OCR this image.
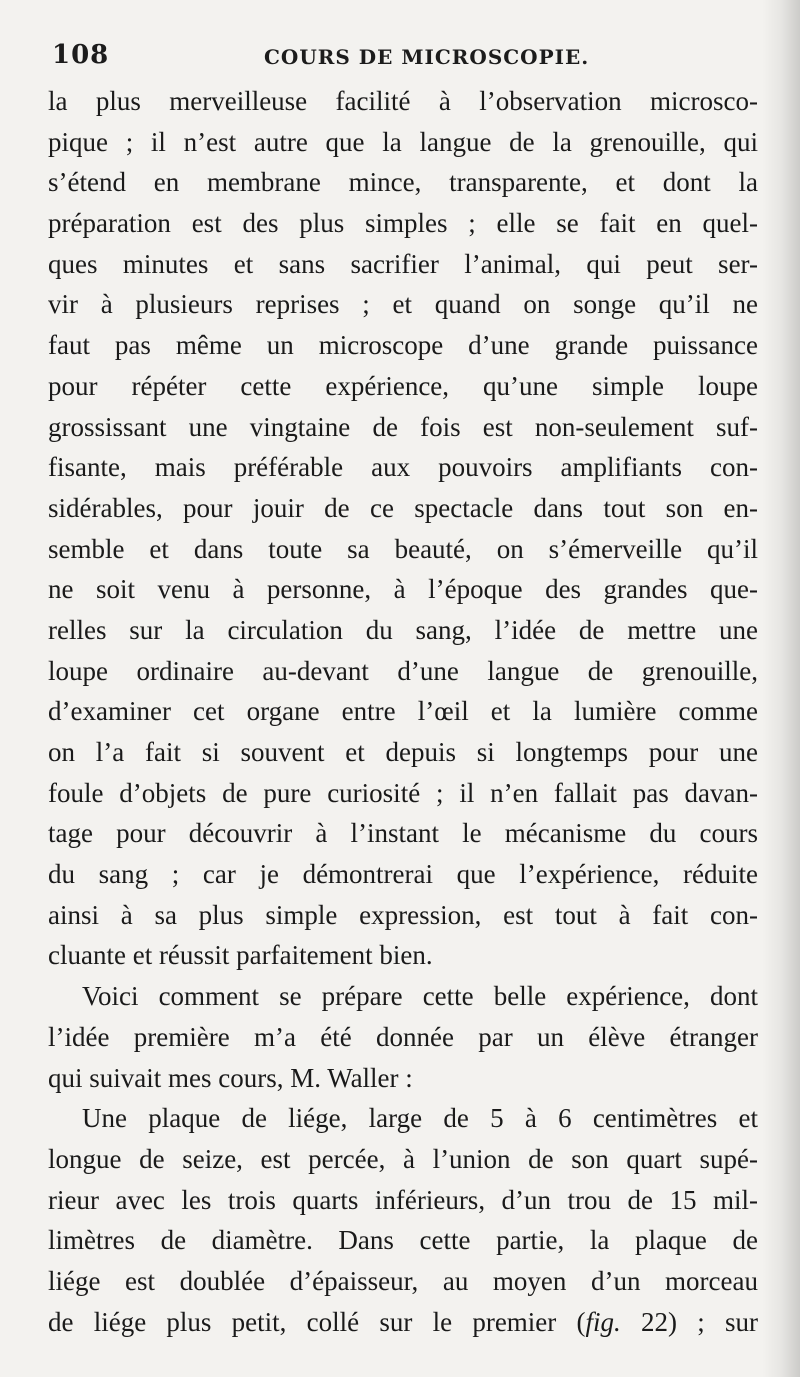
108	COURS DE MICROSCOPIE.
la plus merveilleuse facilité à l’observation microsco-
pique ; il n’est autre que la langue de la grenouille, qui
s’étend en membrane mince, transparente, et dont la
préparation est des plus simples ; elle se fait en quel-
ques minutes et sans sacrifier l’animal, qui peut ser-
vir à plusieurs reprises ; et quand on songe qu’il ne
faut pas même un microscope d’une grande puissance
pour répéter cette expérience, qu’une simple loupe
grossissant une vingtaine de fois est non-seulement suf-
fisante, mais préférable aux pouvoirs amplifiants con-
sidérables, pour jouir de ce spectacle dans tout son en-
semble et dans toute sa beauté, on s’émerveille qu’il
ne soit venu à personne, à l’époque des grandes que-
relles sur la circulation du sang, l’idée de mettre une
loupe ordinaire au-devant d’une langue de grenouille,
d’examiner cet organe entre l’œil et la lumière comme
on l’a fait si souvent et depuis si longtemps pour une
foule d’objets de pure curiosité ; il n’en fallait pas davan-
tage pour découvrir à l’instant le mécanisme du cours
du sang ; car je démontrerai que l’expérience, réduite
ainsi à sa plus simple expression, est tout à fait con-
cluante et réussit parfaitement bien.
Voici comment se prépare cette belle expérience, dont
l’idée première m’a été donnée par un élève étranger
qui suivait mes cours, M. Waller :
Une plaque de liége, large de 5 à 6 centimètres et
longue de seize, est percée, à l’union de son quart supé-
rieur avec les trois quarts inférieurs, d’un trou de 15 mil-
limètres de diamètre. Dans cette partie, la plaque de
liége est doublée d’épaisseur, au moyen d’un morceau
de liége plus petit, collé sur le premier (fig. 22) ; sur
